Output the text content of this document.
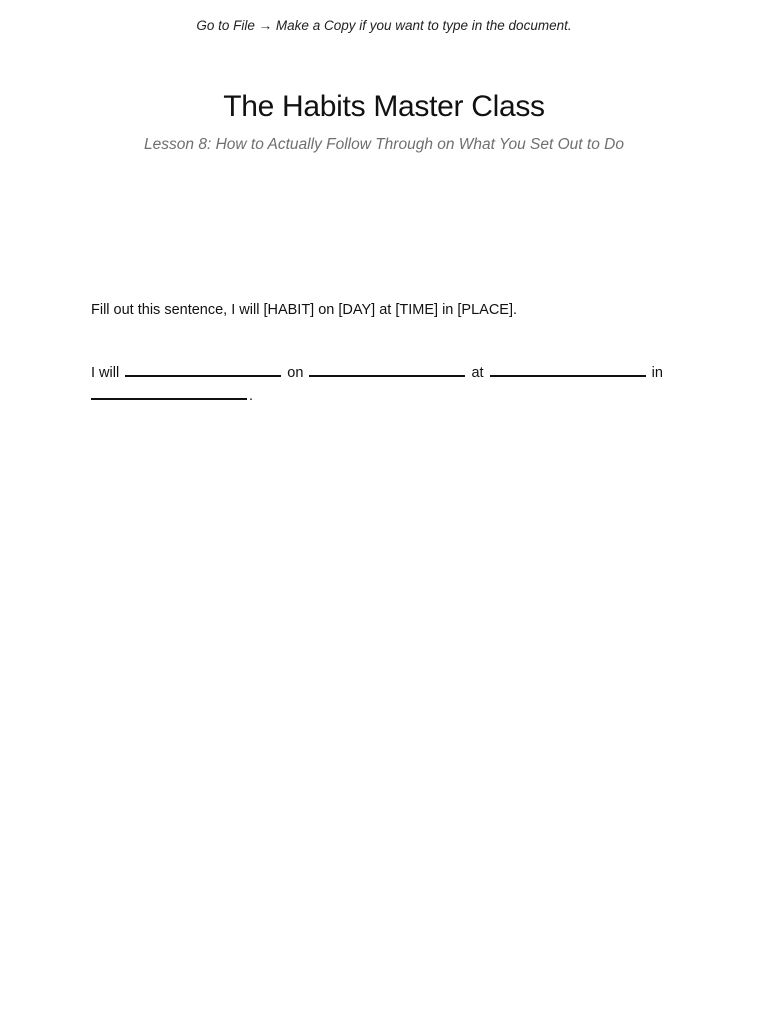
Go to File → Make a Copy if you want to type in the document.
The Habits Master Class
Lesson 8: How to Actually Follow Through on What You Set Out to Do
Fill out this sentence, I will [HABIT] on [DAY] at [TIME] in [PLACE].
I will	on	at	in
.
